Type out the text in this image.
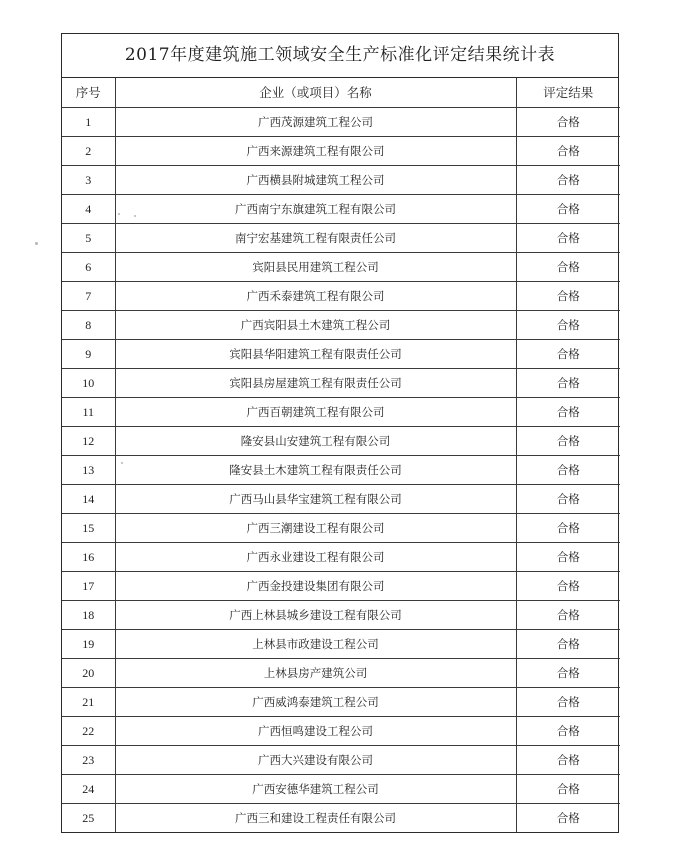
2017年度建筑施工领域安全生产标准化评定结果统计表
序号	企业（或项目）名称	评定结果
1	广西茂源建筑工程公司	合格
2	广西来源建筑工程有限公司	合格
3	广西横县附城建筑工程公司	合格
4	广西南宁东旗建筑工程有限公司	合格
5	南宁宏基建筑工程有限责任公司	合格
6	宾阳县民用建筑工程公司	合格
7	广西禾泰建筑工程有限公司	合格
8	广西宾阳县土木建筑工程公司	合格
9	宾阳县华阳建筑工程有限责任公司	合格
10	宾阳县房屋建筑工程有限责任公司	合格
11	广西百朝建筑工程有限公司	合格
12	隆安县山安建筑工程有限公司	合格
13	隆安县土木建筑工程有限责任公司	合格
14	广西马山县华宝建筑工程有限公司	合格
15	广西三潮建设工程有限公司	合格
16	广西永业建设工程有限公司	合格
17	广西金投建设集团有限公司	合格
18	广西上林县城乡建设工程有限公司	合格
19	上林县市政建设工程公司	合格
20	上林县房产建筑公司	合格
21	广西威鸿泰建筑工程公司	合格
22	广西恒鸣建设工程公司	合格
23	广西大兴建设有限公司	合格
24	广西安德华建筑工程公司	合格
25	广西三和建设工程责任有限公司	合格
